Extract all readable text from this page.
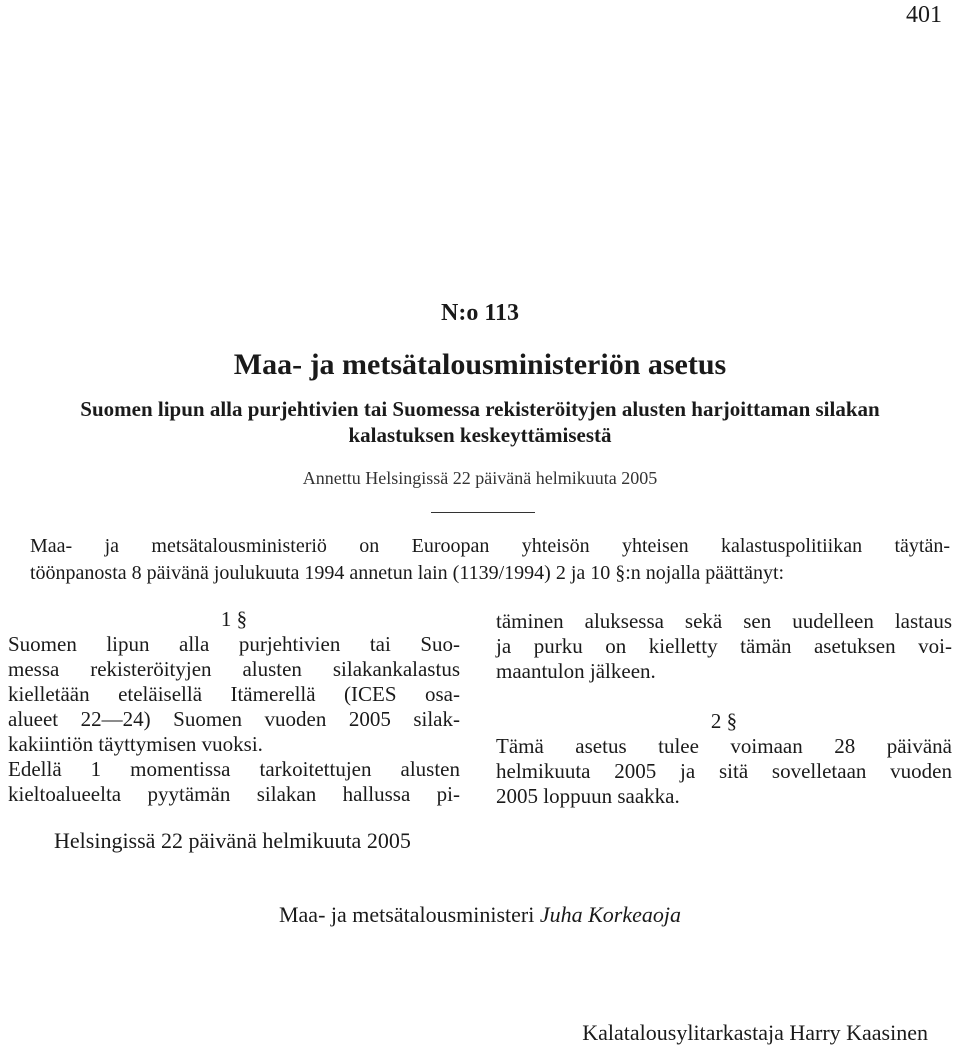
401
N:o 113
Maa- ja metsätalousministeriön asetus
Suomen lipun alla purjehtivien tai Suomessa rekisteröityjen alusten harjoittaman silakan
kalastuksen keskeyttämisestä
Annettu Helsingissä 22 päivänä helmikuuta 2005
Maa- ja metsätalousministeriö on Euroopan yhteisön yhteisen kalastuspolitiikan täytän-
töönpanosta 8 päivänä joulukuuta 1994 annetun lain (1139/1994) 2 ja 10 §:n nojalla päättänyt:
1 §
Suomen lipun alla purjehtivien tai Suo-
messa rekisteröityjen alusten silakankalastus
kielletään eteläisellä Itämerellä (ICES osa-
alueet 22—24) Suomen vuoden 2005 silak-
kakiintiön täyttymisen vuoksi.
Edellä 1 momentissa tarkoitettujen alusten
kieltoalueelta pyytämän silakan hallussa pi-
täminen aluksessa sekä sen uudelleen lastaus
ja purku on kielletty tämän asetuksen voi-
maantulon jälkeen.
2 §
Tämä asetus tulee voimaan 28 päivänä
helmikuuta 2005 ja sitä sovelletaan vuoden
2005 loppuun saakka.
Helsingissä 22 päivänä helmikuuta 2005
Maa- ja metsätalousministeri Juha Korkeaoja
Kalatalousylitarkastaja Harry Kaasinen
